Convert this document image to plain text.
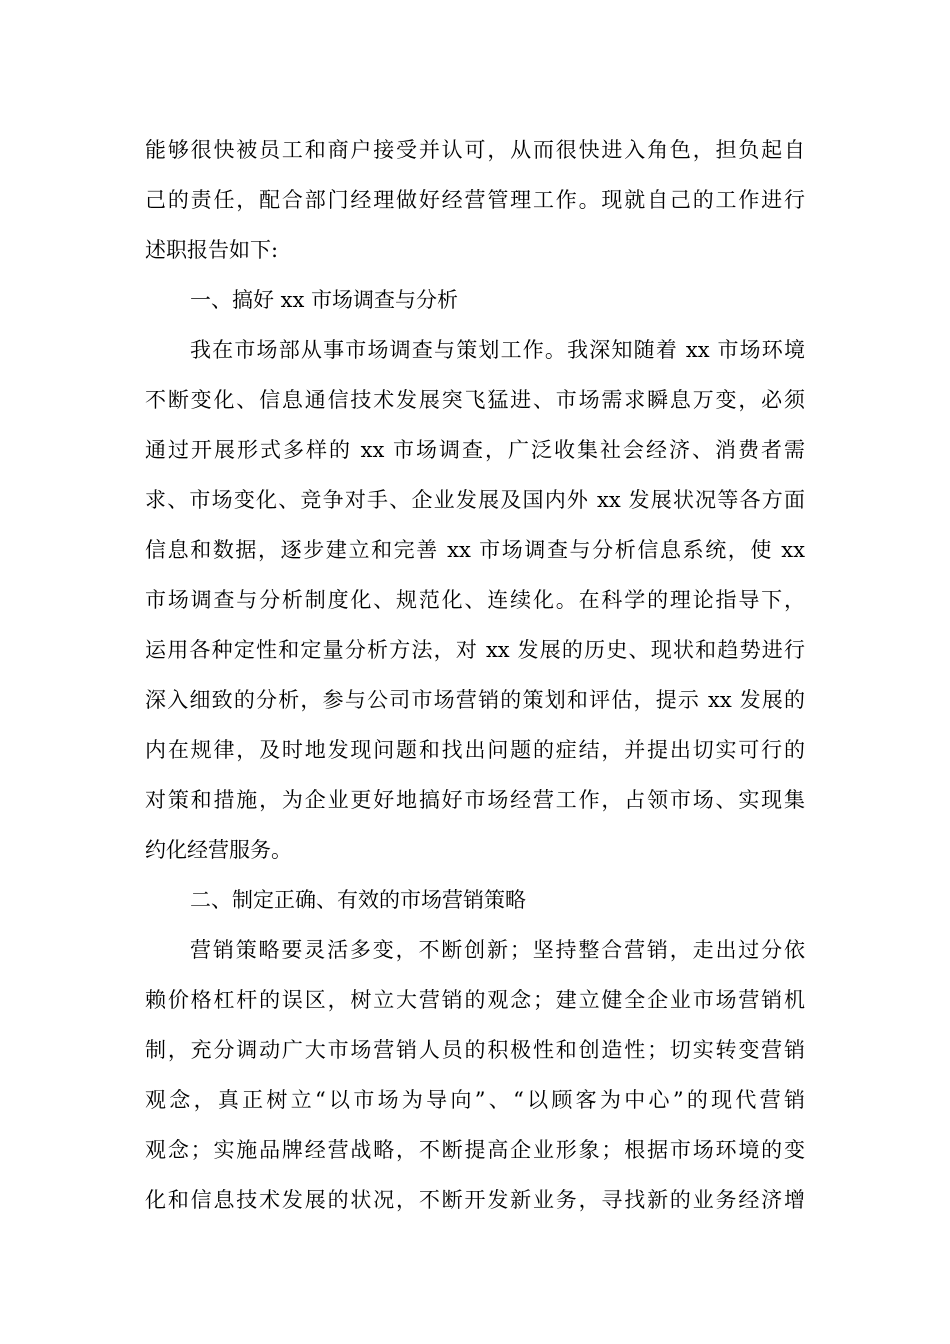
能够很快被员工和商户接受并认可，从而很快进入角色，担负起自
己的责任，配合部门经理做好经营管理工作。现就自己的工作进行
述职报告如下:
一、搞好 xx 市场调查与分析
我在市场部从事市场调查与策划工作。我深知随着 xx 市场环境
不断变化、信息通信技术发展突飞猛进、市场需求瞬息万变，必须
通过开展形式多样的 xx 市场调查，广泛收集社会经济、消费者需
求、市场变化、竞争对手、企业发展及国内外 xx 发展状况等各方面
信息和数据，逐步建立和完善 xx 市场调查与分析信息系统，使 xx
市场调查与分析制度化、规范化、连续化。在科学的理论指导下，
运用各种定性和定量分析方法，对 xx 发展的历史、现状和趋势进行
深入细致的分析，参与公司市场营销的策划和评估，提示 xx 发展的
内在规律，及时地发现问题和找出问题的症结，并提出切实可行的
对策和措施，为企业更好地搞好市场经营工作，占领市场、实现集
约化经营服务。
二、制定正确、有效的市场营销策略
营销策略要灵活多变，不断创新；坚持整合营销，走出过分依
赖价格杠杆的误区，树立大营销的观念；建立健全企业市场营销机
制，充分调动广大市场营销人员的积极性和创造性；切实转变营销
观念，真正树立“以市场为导向”、“以顾客为中心”的现代营销
观念；实施品牌经营战略，不断提高企业形象；根据市场环境的变
化和信息技术发展的状况，不断开发新业务，寻找新的业务经济增
